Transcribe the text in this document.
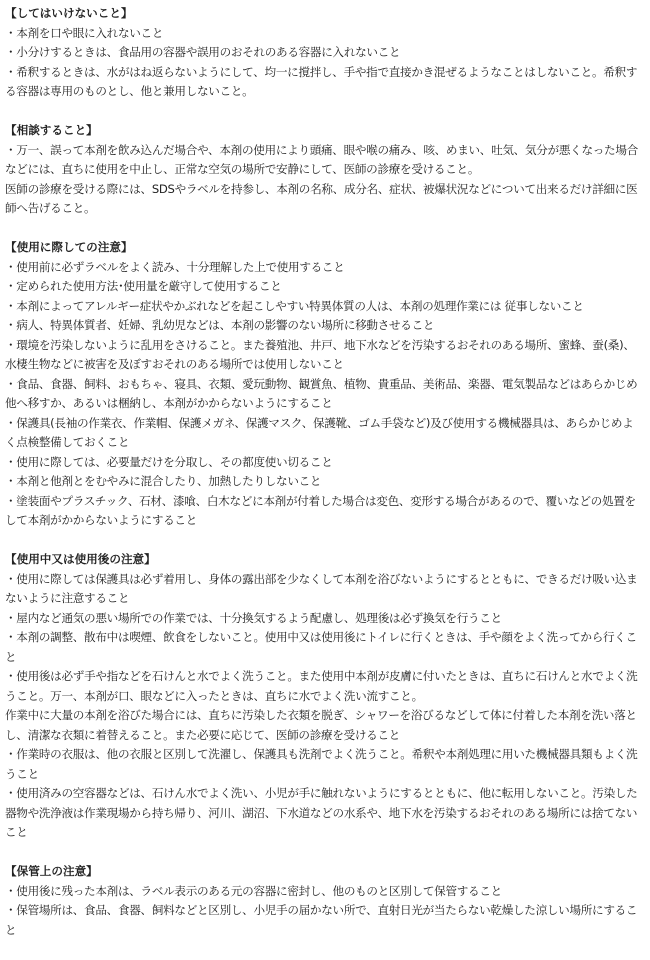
【してはいけないこと】
・本剤を口や眼に入れないこと
・小分けするときは、食品用の容器や誤用のおそれのある容器に入れないこと
・希釈するときは、水がはね返らないようにして、均一に撹拌し、手や指で直接かき混ぜるようなことはしないこと。希釈する容器は専用のものとし、他と兼用しないこと。
【相談すること】
・万一、誤って本剤を飲み込んだ場合や、本剤の使用により頭痛、眼や喉の痛み、咳、めまい、吐気、気分が悪くなった場合などには、直ちに使用を中止し、正常な空気の場所で安静にして、医師の診療を受けること。
医師の診療を受ける際には、SDSやラベルを持参し、本剤の名称、成分名、症状、被爆状況などについて出来るだけ詳細に医師へ告げること。
【使用に際しての注意】
・使用前に必ずラベルをよく読み、十分理解した上で使用すること
・定められた使用方法･使用量を厳守して使用すること
・本剤によってアレルギー症状やかぶれなどを起こしやすい特異体質の人は、本剤の処理作業には 従事しないこと
・病人、特異体質者、妊婦、乳幼児などは、本剤の影響のない場所に移動させること
・環境を汚染しないように乱用をさけること。また養殖池、井戸、地下水などを汚染するおそれのある場所、蜜蜂、蚕(桑)、水棲生物などに被害を及ぼすおそれのある場所では使用しないこと
・食品、食器、飼料、おもちゃ、寝具、衣類、愛玩動物、観賞魚、植物、貴重品、美術品、楽器、電気製品などはあらかじめ他へ移すか、あるいは梱納し、本剤がかからないようにすること
・保護具(長袖の作業衣、作業帽、保護メガネ、保護マスク、保護靴、ゴム手袋など)及び使用する機械器具は、あらかじめよく点検整備しておくこと
・使用に際しては、必要量だけを分取し、その都度使い切ること
・本剤と他剤とをむやみに混合したり、加熱したりしないこと
・塗装面やプラスチック、石材、漆喰、白木などに本剤が付着した場合は変色、変形する場合があるので、覆いなどの処置をして本剤がかからないようにすること
【使用中又は使用後の注意】
・使用に際しては保護具は必ず着用し、身体の露出部を少なくして本剤を浴びないようにするとともに、できるだけ吸い込まないように注意すること
・屋内など通気の悪い場所での作業では、十分換気するよう配慮し、処理後は必ず換気を行うこと
・本剤の調整、散布中は喫煙、飲食をしないこと。使用中又は使用後にトイレに行くときは、手や顔をよく洗ってから行くこと
・使用後は必ず手や指などを石けんと水でよく洗うこと。また使用中本剤が皮膚に付いたときは、直ちに石けんと水でよく洗うこと。万一、本剤が口、眼などに入ったときは、直ちに水でよく洗い流すこと。
作業中に大量の本剤を浴びた場合には、直ちに汚染した衣類を脱ぎ、シャワーを浴びるなどして体に付着した本剤を洗い落とし、清潔な衣類に着替えること。また必要に応じて、医師の診療を受けること
・作業時の衣服は、他の衣服と区別して洗濯し、保護具も洗剤でよく洗うこと。希釈や本剤処理に用いた機械器具類もよく洗うこと
・使用済みの空容器などは、石けん水でよく洗い、小児が手に触れないようにするとともに、他に転用しないこと。汚染した器物や洗浄液は作業現場から持ち帰り、河川、湖沼、下水道などの水系や、地下水を汚染するおそれのある場所には捨てないこと
【保管上の注意】
・使用後に残った本剤は、ラベル表示のある元の容器に密封し、他のものと区別して保管すること
・保管場所は、食品、食器、飼料などと区別し、小児手の届かない所で、直射日光が当たらない乾燥した涼しい場所にすること
